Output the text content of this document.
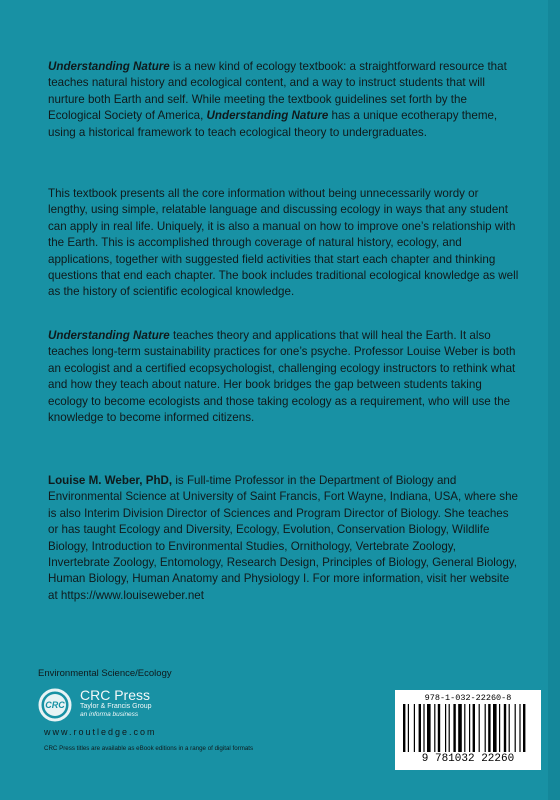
Understanding Nature is a new kind of ecology textbook: a straightforward resource that teaches natural history and ecological content, and a way to instruct students that will nurture both Earth and self. While meeting the textbook guidelines set forth by the Ecological Society of America, Understanding Nature has a unique ecotherapy theme, using a historical framework to teach ecological theory to undergraduates.

This textbook presents all the core information without being unnecessarily wordy or lengthy, using simple, relatable language and discussing ecology in ways that any student can apply in real life. Uniquely, it is also a manual on how to improve one’s relationship with the Earth. This is accomplished through coverage of natural history, ecology, and applications, together with suggested field activities that start each chapter and thinking questions that end each chapter. The book includes traditional ecological knowledge as well as the history of scientific ecological knowledge.

Understanding Nature teaches theory and applications that will heal the Earth. It also teaches long-term sustainability practices for one’s psyche. Professor Louise Weber is both an ecologist and a certified ecopsychologist, challenging ecology instructors to rethink what and how they teach about nature. Her book bridges the gap between students taking ecology to become ecologists and those taking ecology as a requirement, who will use the knowledge to become informed citizens.

Louise M. Weber, PhD, is Full-time Professor in the Department of Biology and Environmental Science at University of Saint Francis, Fort Wayne, Indiana, USA, where she is also Interim Division Director of Sciences and Program Director of Biology. She teaches or has taught Ecology and Diversity, Ecology, Evolution, Conservation Biology, Wildlife Biology, Introduction to Environmental Studies, Ornithology, Vertebrate Zoology, Invertebrate Zoology, Entomology, Research Design, Principles of Biology, General Biology, Human Biology, Human Anatomy and Physiology I. For more information, visit her website at https://www.louiseweber.net

Environmental Science/Ecology
CRC
CRC Press
Taylor & Francis Group
an informa business
www.routledge.com
CRC Press titles are available as eBook editions in a range of digital formats
978-1-032-22260-8
9 781032 22260
